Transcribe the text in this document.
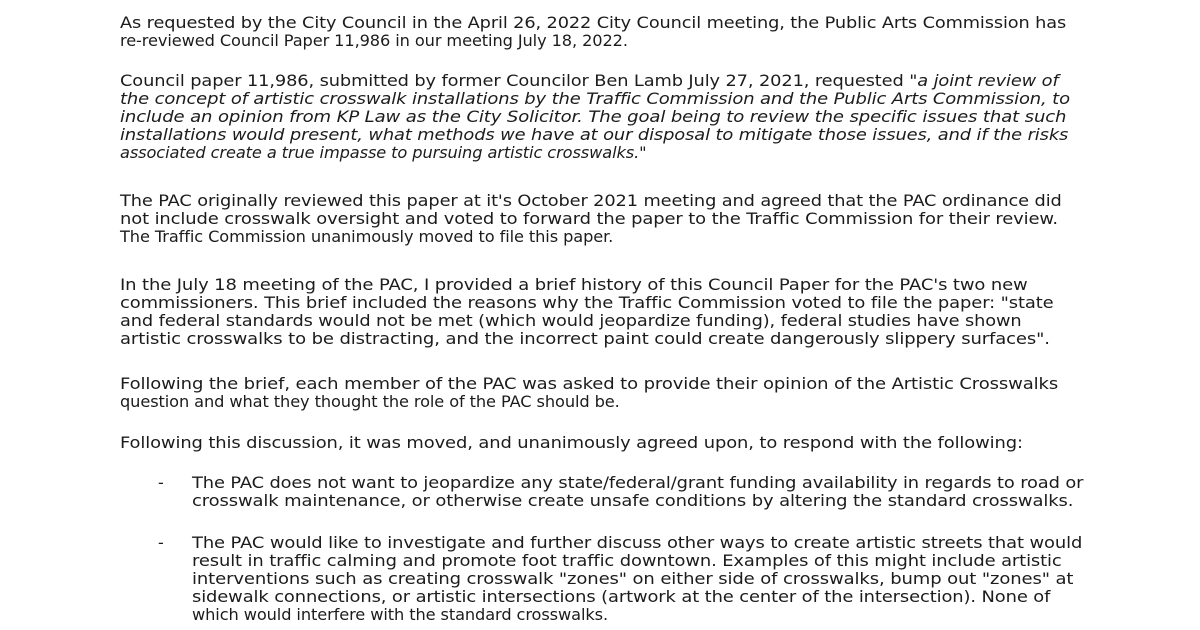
As requested by the City Council in the April 26, 2022 City Council meeting, the Public Arts Commission has
re-reviewed Council Paper 11,986 in our meeting July 18, 2022.
Council paper 11,986, submitted by former Councilor Ben Lamb July 27, 2021, requested "a joint review of
the concept of artistic crosswalk installations by the Traffic Commission and the Public Arts Commission, to
include an opinion from KP Law as the City Solicitor. The goal being to review the specific issues that such
installations would present, what methods we have at our disposal to mitigate those issues, and if the risks
associated create a true impasse to pursuing artistic crosswalks."
The PAC originally reviewed this paper at it's October 2021 meeting and agreed that the PAC ordinance did
not include crosswalk oversight and voted to forward the paper to the Traffic Commission for their review.
The Traffic Commission unanimously moved to file this paper.
In the July 18 meeting of the PAC, I provided a brief history of this Council Paper for the PAC's two new
commissioners. This brief included the reasons why the Traffic Commission voted to file the paper: "state
and federal standards would not be met (which would jeopardize funding), federal studies have shown
artistic crosswalks to be distracting, and the incorrect paint could create dangerously slippery surfaces".
Following the brief, each member of the PAC was asked to provide their opinion of the Artistic Crosswalks
question and what they thought the role of the PAC should be.
Following this discussion, it was moved, and unanimously agreed upon, to respond with the following:
- The PAC does not want to jeopardize any state/federal/grant funding availability in regards to road or
crosswalk maintenance, or otherwise create unsafe conditions by altering the standard crosswalks.
- The PAC would like to investigate and further discuss other ways to create artistic streets that would
result in traffic calming and promote foot traffic downtown. Examples of this might include artistic
interventions such as creating crosswalk "zones" on either side of crosswalks, bump out "zones" at
sidewalk connections, or artistic intersections (artwork at the center of the intersection). None of
which would interfere with the standard crosswalks.
